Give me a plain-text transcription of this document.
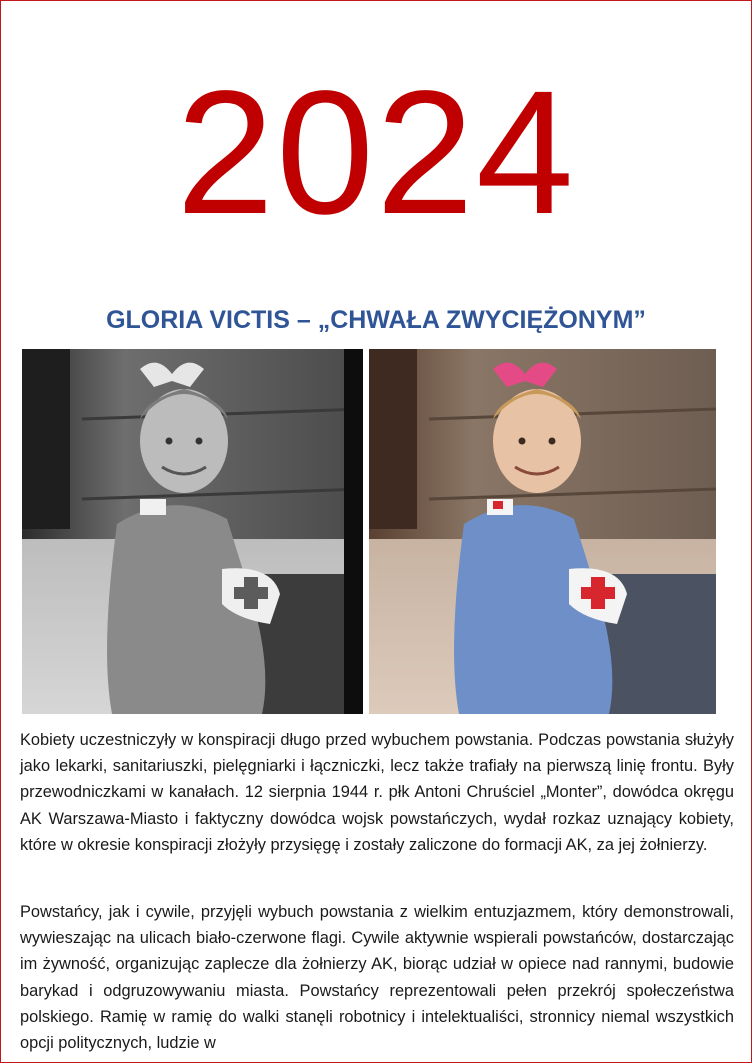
2024
GLORIA VICTIS – „CHWAŁA ZWYCIĘŻONYM”

Kobiety uczestniczyły w konspiracji długo przed wybuchem powstania. Podczas powstania służyły jako lekarki, sanitariuszki, pielęgniarki i łączniczki, lecz także trafiały na pierwszą linię frontu. Były przewodniczkami w kanałach. 12 sierpnia 1944 r. płk Antoni Chruściel „Monter”, dowódca okręgu AK Warszawa-Miasto i faktyczny dowódca wojsk powstańczych, wydał rozkaz uznający kobiety, które w okresie konspiracji złożyły przysięgę i zostały zaliczone do formacji AK, za jej żołnierzy.

Powstańcy, jak i cywile, przyjęli wybuch powstania z wielkim entuzjazmem, który demonstrowali, wywieszając na ulicach biało-czerwone flagi. Cywile aktywnie wspierali powstańców, dostarczając im żywność, organizując zaplecze dla żołnierzy AK, biorąc udział w opiece nad rannymi, budowie barykad i odgruzowywaniu miasta. Powstańcy reprezentowali pełen przekrój społeczeństwa polskiego. Ramię w ramię do walki stanęli robotnicy i intelektualiści, stronnicy niemal wszystkich opcji politycznych, ludzie w
